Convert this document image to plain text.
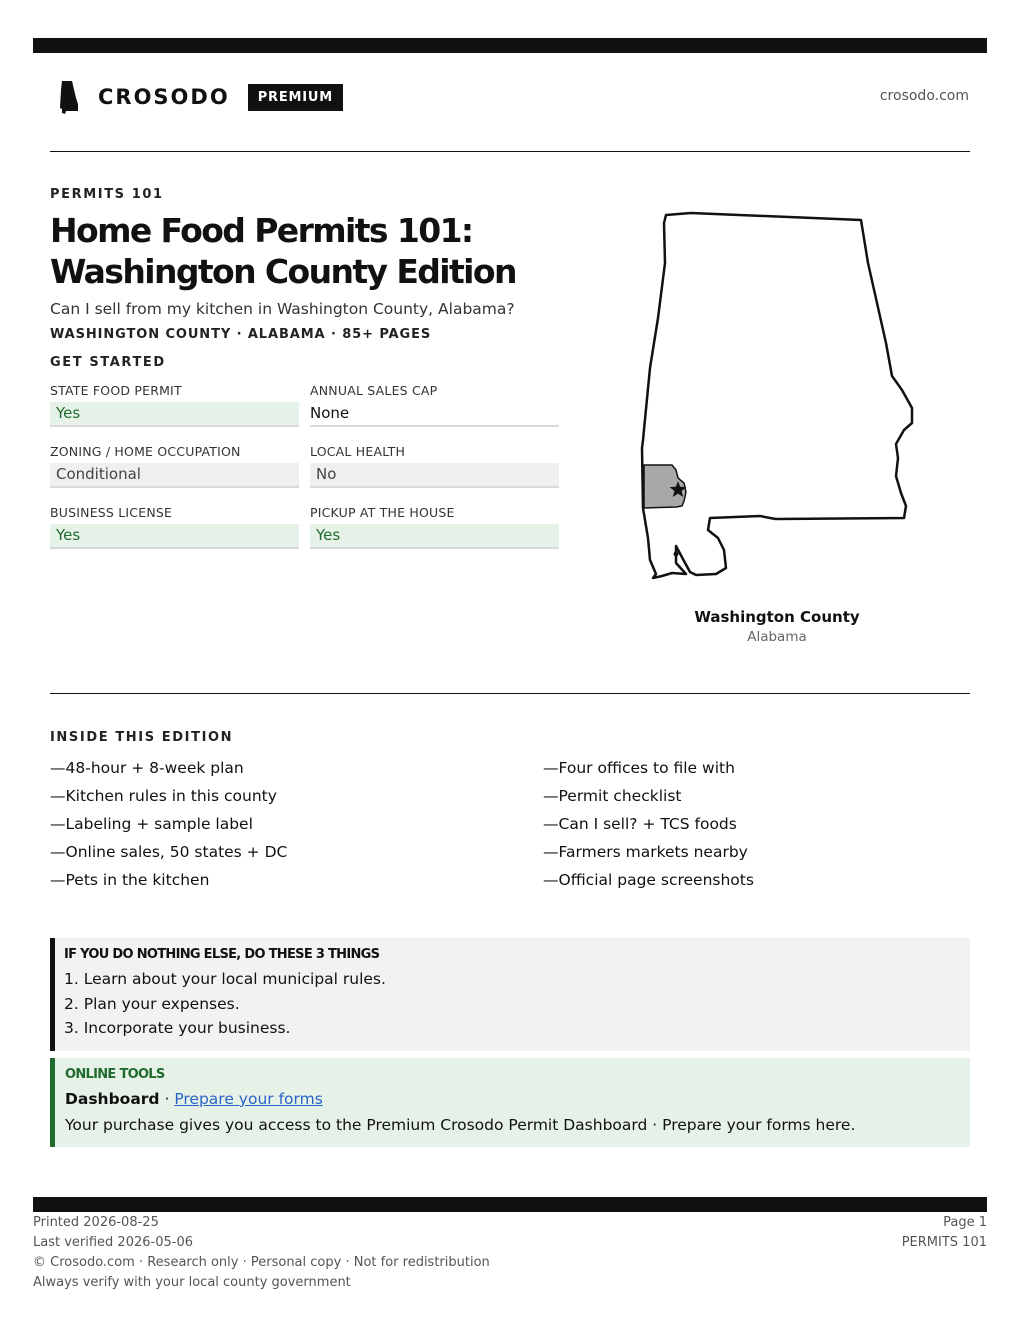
CROSODO	PREMIUM	crosodo.com
PERMITS 101
Home Food Permits 101:
Washington County Edition
Can I sell from my kitchen in Washington County, Alabama?
WASHINGTON COUNTY · ALABAMA · 85+ PAGES
GET STARTED
STATE FOOD PERMIT
Yes
ANNUAL SALES CAP
None
ZONING / HOME OCCUPATION
Conditional
LOCAL HEALTH
No
BUSINESS LICENSE
Yes
PICKUP AT THE HOUSE
Yes
Washington County
Alabama
INSIDE THIS EDITION
—48-hour + 8-week plan	—Four offices to file with
—Kitchen rules in this county	—Permit checklist
—Labeling + sample label	—Can I sell? + TCS foods
—Online sales, 50 states + DC	—Farmers markets nearby
—Pets in the kitchen	—Official page screenshots
IF YOU DO NOTHING ELSE, DO THESE 3 THINGS
1. Learn about your local municipal rules.
2. Plan your expenses.
3. Incorporate your business.
ONLINE TOOLS
Dashboard · Prepare your forms
Your purchase gives you access to the Premium Crosodo Permit Dashboard · Prepare your forms here.
Printed 2026-08-25
Last verified 2026-05-06
© Crosodo.com · Research only · Personal copy · Not for redistribution
Always verify with your local county government
Page 1
PERMITS 101
